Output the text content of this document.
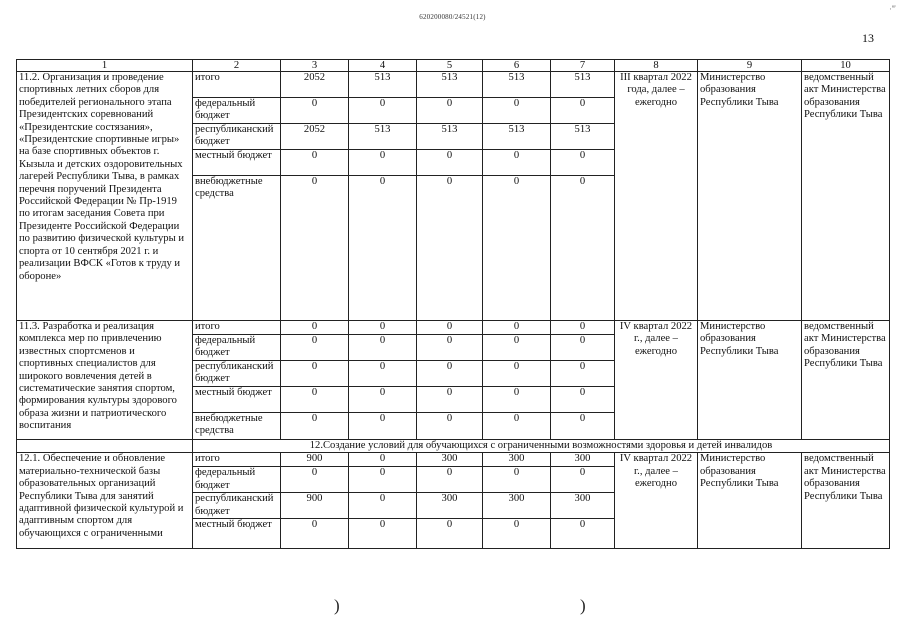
620200080/24521(12)
·‴
13
1	2	3	4	5	6	7	8	9	10
11.2. Организация и проведение спортивных летних сборов для победителей регионального этапа Президентских соревнований «Президентские состязания», «Президентские спортивные игры» на базе спортивных объектов г. Кызыла и детских оздоровительных лагерей Республики Тыва, в рамках перечня поручений Президента Российской Федерации № Пр-1919 по итогам заседания Совета при Президенте Российской Федерации по развитию физической культуры и спорта от 10 сентября 2021 г. и реализации ВФСК «Готов к труду и обороне»	итого	2052	513	513	513	513	III квартал 2022 года, далее – ежегодно	Министерство образования Республики Тыва	ведомственный акт Министерства образования Республики Тыва
	федеральный бюджет	0	0	0	0	0			
	республиканский бюджет	2052	513	513	513	513			
	местный бюджет	0	0	0	0	0			
	внебюджетные средства	0	0	0	0	0			
11.3. Разработка и реализация комплекса мер по привлечению известных спортсменов и спортивных специалистов для широкого вовлечения детей в систематические занятия спортом, формирования культуры здорового образа жизни и патриотического воспитания	итого	0	0	0	0	0	IV квартал 2022 г., далее – ежегодно	Министерство образования Республики Тыва	ведомственный акт Министерства образования Республики Тыва
	федеральный бюджет	0	0	0	0	0			
	республиканский бюджет	0	0	0	0	0			
	местный бюджет	0	0	0	0	0			
	внебюджетные средства	0	0	0	0	0			
	12.Создание условий для обучающихся с ограниченными возможностями здоровья и детей инвалидов								
12.1. Обеспечение и обновление материально-технической базы образовательных организаций Республики Тыва для занятий адаптивной физической культурой и адаптивным спортом для обучающихся с ограниченными	итого	900	0	300	300	300	IV квартал 2022 г., далее – ежегодно	Министерство образования Республики Тыва	ведомственный акт Министерства образования Республики Тыва
	федеральный бюджет	0	0	0	0	0			
	республиканский бюджет	900	0	300	300	300			
	местный бюджет	0	0	0	0	0			
)	)
